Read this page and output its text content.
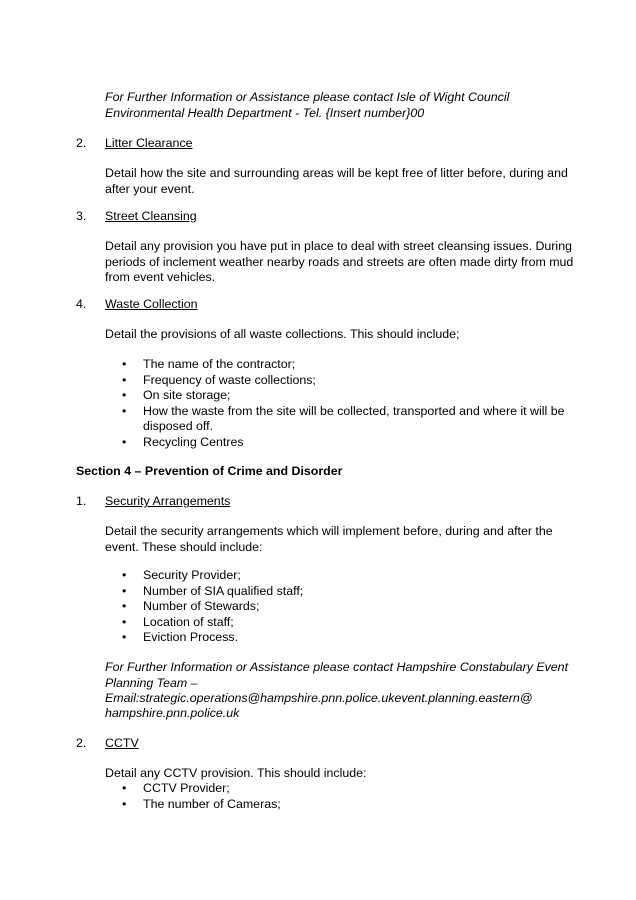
For Further Information or Assistance please contact Isle of Wight Council Environmental Health Department - Tel. {Insert number}00

2. Litter Clearance

Detail how the site and surrounding areas will be kept free of litter before, during and after your event.

3. Street Cleansing

Detail any provision you have put in place to deal with street cleansing issues. During periods of inclement weather nearby roads and streets are often made dirty from mud from event vehicles.

4. Waste Collection

Detail the provisions of all waste collections. This should include;

• The name of the contractor;
• Frequency of waste collections;
• On site storage;
• How the waste from the site will be collected, transported and where it will be disposed off.
• Recycling Centres
Section 4 – Prevention of Crime and Disorder
1. Security Arrangements

Detail the security arrangements which will implement before, during and after the event. These should include:

• Security Provider;
• Number of SIA qualified staff;
• Number of Stewards;
• Location of staff;
• Eviction Process.

For Further Information or Assistance please contact Hampshire Constabulary Event Planning Team –

Email:strategic.operations@hampshire.pnn.police.ukevent.planning.eastern@
hampshire.pnn.police.uk
2. CCTV

Detail any CCTV provision. This should include:

• CCTV Provider;
• The number of Cameras;
